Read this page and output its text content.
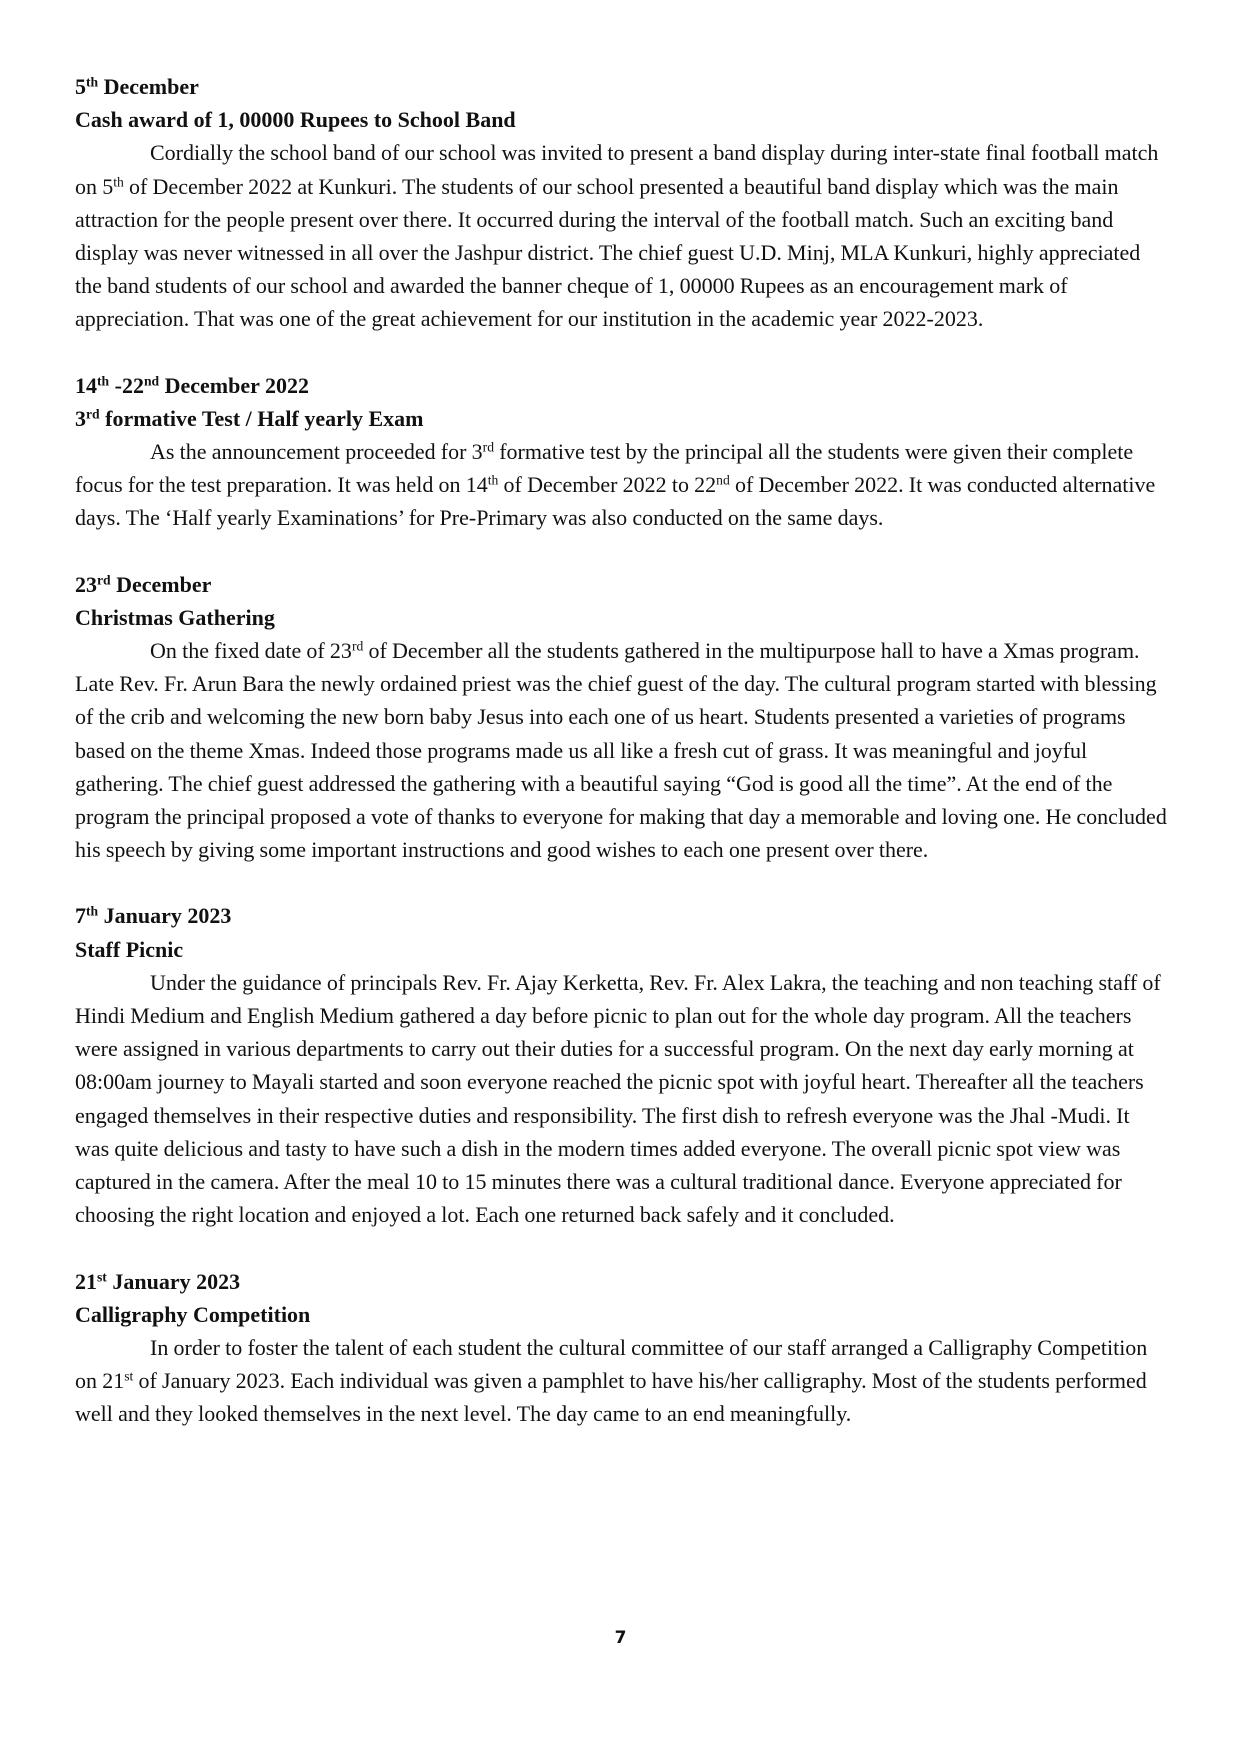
5th December

Cash award of 1, 00000 Rupees to School Band

Cordially the school band of our school was invited to present a band display during inter-state final football match on 5th of December 2022 at Kunkuri. The students of our school presented a beautiful band display which was the main attraction for the people present over there. It occurred during the interval of the football match. Such an exciting band display was never witnessed in all over the Jashpur district. The chief guest U.D. Minj, MLA Kunkuri, highly appreciated the band students of our school and awarded the banner cheque of 1, 00000 Rupees as an encouragement mark of appreciation. That was one of the great achievement for our institution in the academic year 2022-2023.

14th -22nd December 2022

3rd formative Test / Half yearly Exam

As the announcement proceeded for 3rd formative test by the principal all the students were given their complete focus for the test preparation. It was held on 14th of December 2022 to 22nd of December 2022. It was conducted alternative days. The ‘Half yearly Examinations’ for Pre-Primary was also conducted on the same days.

23rd December

Christmas Gathering

On the fixed date of 23rd of December all the students gathered in the multipurpose hall to have a Xmas program. Late Rev. Fr. Arun Bara the newly ordained priest was the chief guest of the day. The cultural program started with blessing of the crib and welcoming the new born baby Jesus into each one of us heart. Students presented a varieties of programs based on the theme Xmas. Indeed those programs made us all like a fresh cut of grass. It was meaningful and joyful gathering. The chief guest addressed the gathering with a beautiful saying “God is good all the time”. At the end of the program the principal proposed a vote of thanks to everyone for making that day a memorable and loving one. He concluded his speech by giving some important instructions and good wishes to each one present over there.

7th January 2023

Staff Picnic

Under the guidance of principals Rev. Fr. Ajay Kerketta, Rev. Fr. Alex Lakra, the teaching and non teaching staff of Hindi Medium and English Medium gathered a day before picnic to plan out for the whole day program. All the teachers were assigned in various departments to carry out their duties for a successful program. On the next day early morning at 08:00am journey to Mayali started and soon everyone reached the picnic spot with joyful heart. Thereafter all the teachers engaged themselves in their respective duties and responsibility. The first dish to refresh everyone was the Jhal -Mudi. It was quite delicious and tasty to have such a dish in the modern times added everyone. The overall picnic spot view was captured in the camera. After the meal 10 to 15 minutes there was a cultural traditional dance. Everyone appreciated for choosing the right location and enjoyed a lot. Each one returned back safely and it concluded.

21st January 2023

Calligraphy Competition

In order to foster the talent of each student the cultural committee of our staff arranged a Calligraphy Competition on 21st of January 2023. Each individual was given a pamphlet to have his/her calligraphy. Most of the students performed well and they looked themselves in the next level. The day came to an end meaningfully.

7
